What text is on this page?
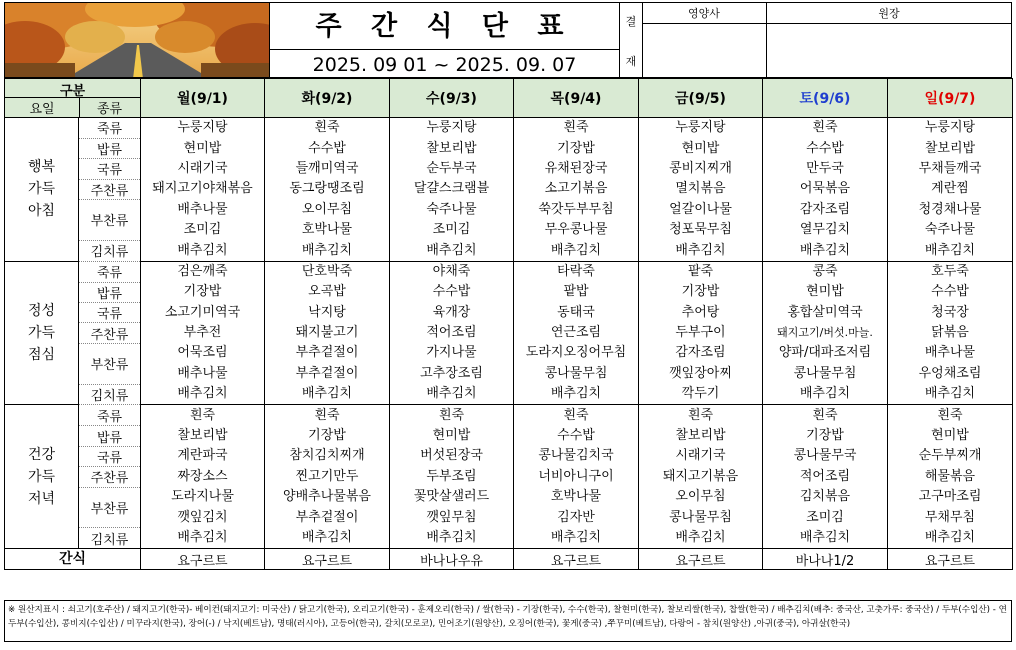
주 간 식 단 표
2025. 09 01 ~ 2025. 09. 07
결
재
영양사	원장
구분
요일 종류		월(9/1)	화(9/2)	수(9/3)	목(9/4)	금(9/5)	토(9/6)	일(9/7)
행복
가득
아침	죽류	누룽지탕	흰죽	누룽지탕	흰죽	누룽지탕	흰죽	누룽지탕
	밥류	현미밥	수수밥	찰보리밥	기장밥	현미밥	수수밥	찰보리밥
	국류	시래기국	들깨미역국	순두부국	유채된장국	콩비지찌개	만두국	무채들깨국
	주찬류	돼지고기야채볶음	동그랑땡조림	달걀스크램블	소고기볶음	멸치볶음	어묵볶음	계란찜
	부찬류	배추나물	오이무침	숙주나물	쑥갓두부무침	얼갈이나물	감자조림	청경채나물
		조미김	호박나물	조미김	무우콩나물	청포묵무침	열무김치	숙주나물
	김치류	배추김치	배추김치	배추김치	배추김치	배추김치	배추김치	배추김치
정성
가득
점심	죽류	검은깨죽	단호박죽	야채죽	타락죽	팥죽	콩죽	호두죽
	밥류	기장밥	오곡밥	수수밥	팥밥	기장밥	현미밥	수수밥
	국류	소고기미역국	낙지탕	육개장	동태국	추어탕	홍합살미역국	청국장
	주찬류	부추전	돼지불고기	적어조림	연근조림	두부구이	돼지고기/버섯.마늘.	닭볶음
	부찬류	어묵조림	부추겉절이	가지나물	도라지오징어무침	감자조림	양파/대파조저림	배추나물
		배추나물	부추겉절이	고추장조림	콩나물무침	깻잎장아찌	콩나물무침	우엉채조림
	김치류	배추김치	배추김치	배추김치	배추김치	깍두기	배추김치	배추김치
건강
가득
저녁	죽류	흰죽	흰죽	흰죽	흰죽	흰죽	흰죽	흰죽
	밥류	찰보리밥	기장밥	현미밥	수수밥	찰보리밥	기장밥	현미밥
	국류	계란파국	참치김치찌개	버섯된장국	콩나물김치국	시래기국	콩나물무국	순두부찌개
	주찬류	짜장소스	찐고기만두	두부조림	너비아니구이	돼지고기볶음	적어조림	해물볶음
	부찬류	도라지나물	양배추나물볶음	꽃맛살샐러드	호박나물	오이무침	김치볶음	고구마조림
		깻잎김치	부추겉절이	깻잎무침	김자반	콩나물무침	조미김	무채무침
	김치류	배추김치	배추김치	배추김치	배추김치	배추김치	배추김치	배추김치
간식		요구르트	요구르트	바나나우유	요구르트	요구르트	바나나1/2	요구르트
※ 원산지표시 : 쇠고기(호주산) / 돼지고기(한국)- 베이컨(돼지고기: 미국산) / 닭고기(한국), 오리고기(한국) - 훈제오리(한국) / 쌀(한국) - 기장(한국), 수수(한국), 찰현미(한국), 찰보리쌀(한국), 찹쌀(한국) / 배추김치(배추: 중국산, 고춧가루: 중국산) / 두부(수입산) - 연두부(수입산), 콩비지(수입산) / 미꾸라지(한국), 장어(-) / 낙지(베트남), 명태(러시아), 고등어(한국), 갈치(모로코), 민어조기(원양산), 오징어(한국), 꽃게(중국) ,쭈꾸미(베트남), 다랑어 - 참치(원양산) ,아귀(중국), 아귀살(한국)
